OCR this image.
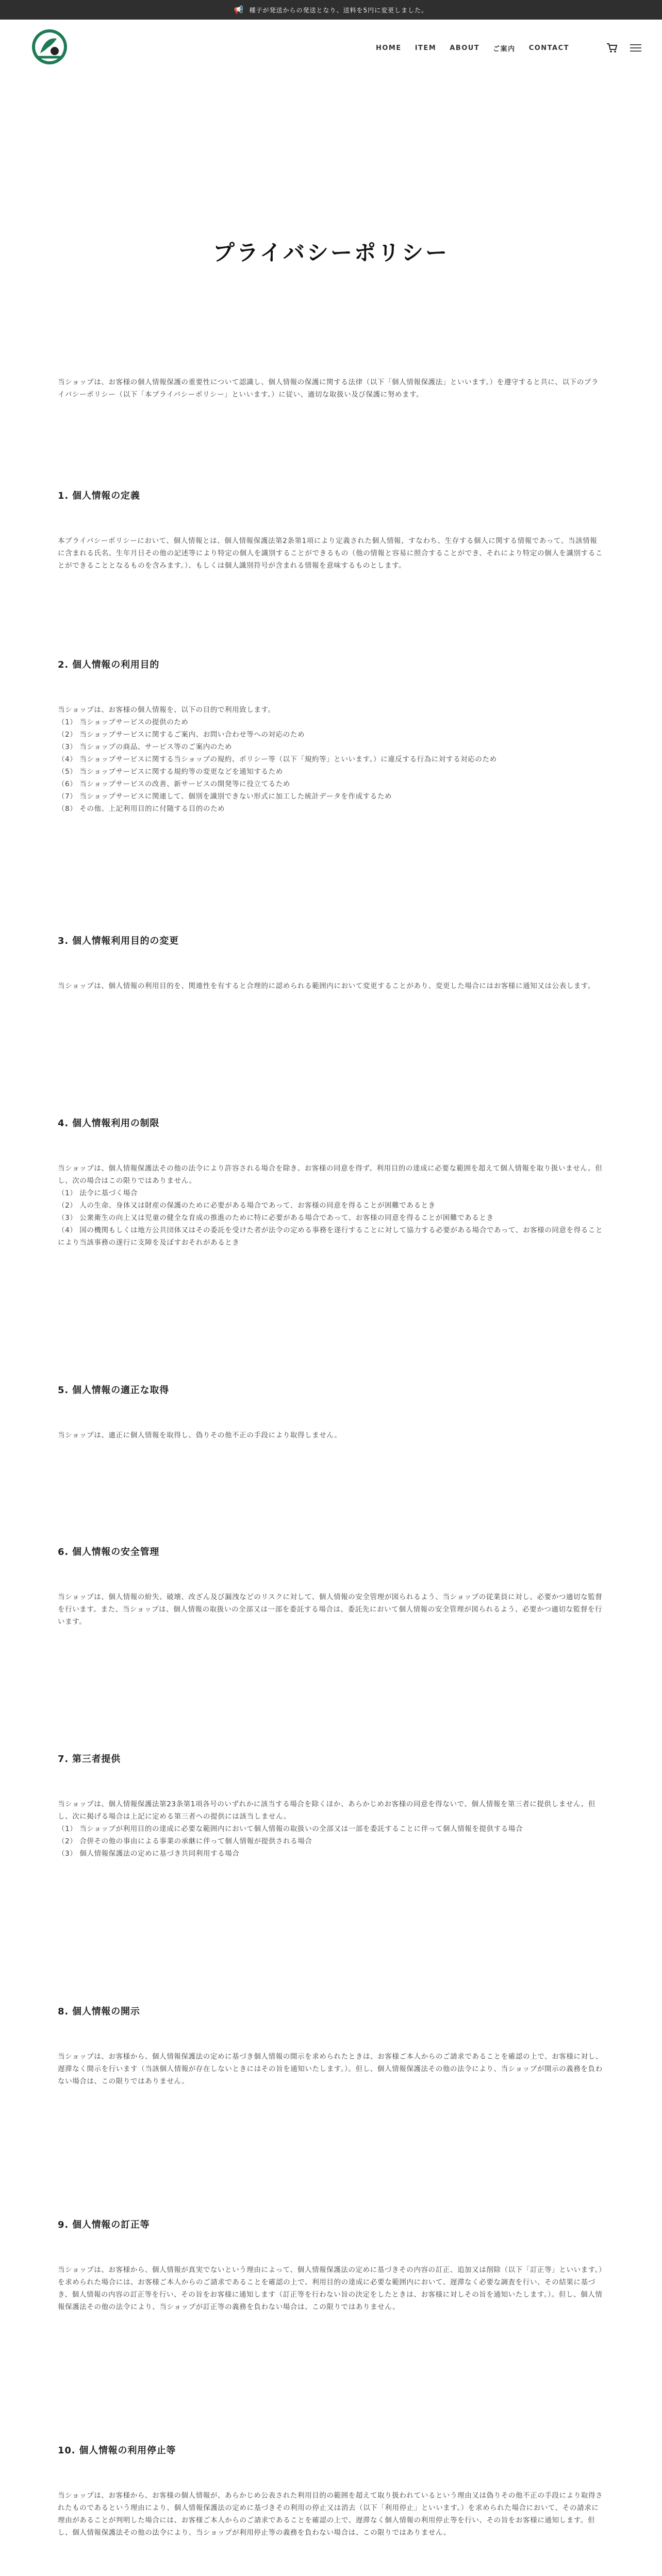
📢 種子が発送からの発送となり、送料を5円に変更しました。
HOME ITEM ABOUT ご案内 CONTACT
プライバシーポリシー

当ショップは、お客様の個人情報保護の重要性について認識し、個人情報の保護に関する法律（以下「個人情報保護法」といいます。）を遵守すると共に、以下のプライバシーポリシー（以下「本プライバシーポリシー」といいます。）に従い、適切な取扱い及び保護に努めます。

1. 個人情報の定義

本プライバシーポリシーにおいて、個人情報とは、個人情報保護法第2条第1項により定義された個人情報、すなわち、生存する個人に関する情報であって、当該情報に含まれる氏名、生年月日その他の記述等により特定の個人を識別することができるもの（他の情報と容易に照合することができ、それにより特定の個人を識別することができることとなるものを含みます。）、もしくは個人識別符号が含まれる情報を意味するものとします。

2. 個人情報の利用目的

当ショップは、お客様の個人情報を、以下の目的で利用致します。

（1） 当ショップサービスの提供のため

（2） 当ショップサービスに関するご案内、お問い合わせ等への対応のため

（3） 当ショップの商品、サービス等のご案内のため

（4） 当ショップサービスに関する当ショップの規約、ポリシー等（以下「規約等」といいます。）に違反する行為に対する対応のため

（5） 当ショップサービスに関する規約等の変更などを通知するため

（6） 当ショップサービスの改善、新サービスの開発等に役立てるため

（7） 当ショップサービスに関連して、個別を識別できない形式に加工した統計データを作成するため

（8） その他、上記利用目的に付随する目的のため

3. 個人情報利用目的の変更

当ショップは、個人情報の利用目的を、関連性を有すると合理的に認められる範囲内において変更することがあり、変更した場合にはお客様に通知又は公表します。

4. 個人情報利用の制限

当ショップは、個人情報保護法その他の法令により許容される場合を除き、お客様の同意を得ず、利用目的の達成に必要な範囲を超えて個人情報を取り扱いません。但し、次の場合はこの限りではありません。

（1） 法令に基づく場合

（2） 人の生命、身体又は財産の保護のために必要がある場合であって、お客様の同意を得ることが困難であるとき

（3） 公衆衛生の向上又は児童の健全な育成の推進のために特に必要がある場合であって、お客様の同意を得ることが困難であるとき

（4） 国の機関もしくは地方公共団体又はその委託を受けた者が法令の定める事務を遂行することに対して協力する必要がある場合であって、お客様の同意を得ることにより当該事務の遂行に支障を及ぼすおそれがあるとき

5. 個人情報の適正な取得

当ショップは、適正に個人情報を取得し、偽りその他不正の手段により取得しません。

6. 個人情報の安全管理

当ショップは、個人情報の紛失、破壊、改ざん及び漏洩などのリスクに対して、個人情報の安全管理が図られるよう、当ショップの従業員に対し、必要かつ適切な監督を行います。また、当ショップは、個人情報の取扱いの全部又は一部を委託する場合は、委託先において個人情報の安全管理が図られるよう、必要かつ適切な監督を行います。

7. 第三者提供

当ショップは、個人情報保護法第23条第1項各号のいずれかに該当する場合を除くほか、あらかじめお客様の同意を得ないで、個人情報を第三者に提供しません。但し、次に掲げる場合は上記に定める第三者への提供には該当しません。

（1） 当ショップが利用目的の達成に必要な範囲内において個人情報の取扱いの全部又は一部を委託することに伴って個人情報を提供する場合

（2） 合併その他の事由による事業の承継に伴って個人情報が提供される場合

（3） 個人情報保護法の定めに基づき共同利用する場合

8. 個人情報の開示

当ショップは、お客様から、個人情報保護法の定めに基づき個人情報の開示を求められたときは、お客様ご本人からのご請求であることを確認の上で、お客様に対し、遅滞なく開示を行います（当該個人情報が存在しないときにはその旨を通知いたします。）。但し、個人情報保護法その他の法令により、当ショップが開示の義務を負わない場合は、この限りではありません。

9. 個人情報の訂正等

当ショップは、お客様から、個人情報が真実でないという理由によって、個人情報保護法の定めに基づきその内容の訂正、追加又は削除（以下「訂正等」といいます。）を求められた場合には、お客様ご本人からのご請求であることを確認の上で、利用目的の達成に必要な範囲内において、遅滞なく必要な調査を行い、その結果に基づき、個人情報の内容の訂正等を行い、その旨をお客様に通知します（訂正等を行わない旨の決定をしたときは、お客様に対しその旨を通知いたします。）。但し、個人情報保護法その他の法令により、当ショップが訂正等の義務を負わない場合は、この限りではありません。

10. 個人情報の利用停止等

当ショップは、お客様から、お客様の個人情報が、あらかじめ公表された利用目的の範囲を超えて取り扱われているという理由又は偽りその他不正の手段により取得されたものであるという理由により、個人情報保護法の定めに基づきその利用の停止又は消去（以下「利用停止」といいます。）を求められた場合において、その請求に理由があることが判明した場合には、お客様ご本人からのご請求であることを確認の上で、遅滞なく個人情報の利用停止等を行い、その旨をお客様に通知します。但し、個人情報保護法その他の法令により、当ショップが利用停止等の義務を負わない場合は、この限りではありません。
